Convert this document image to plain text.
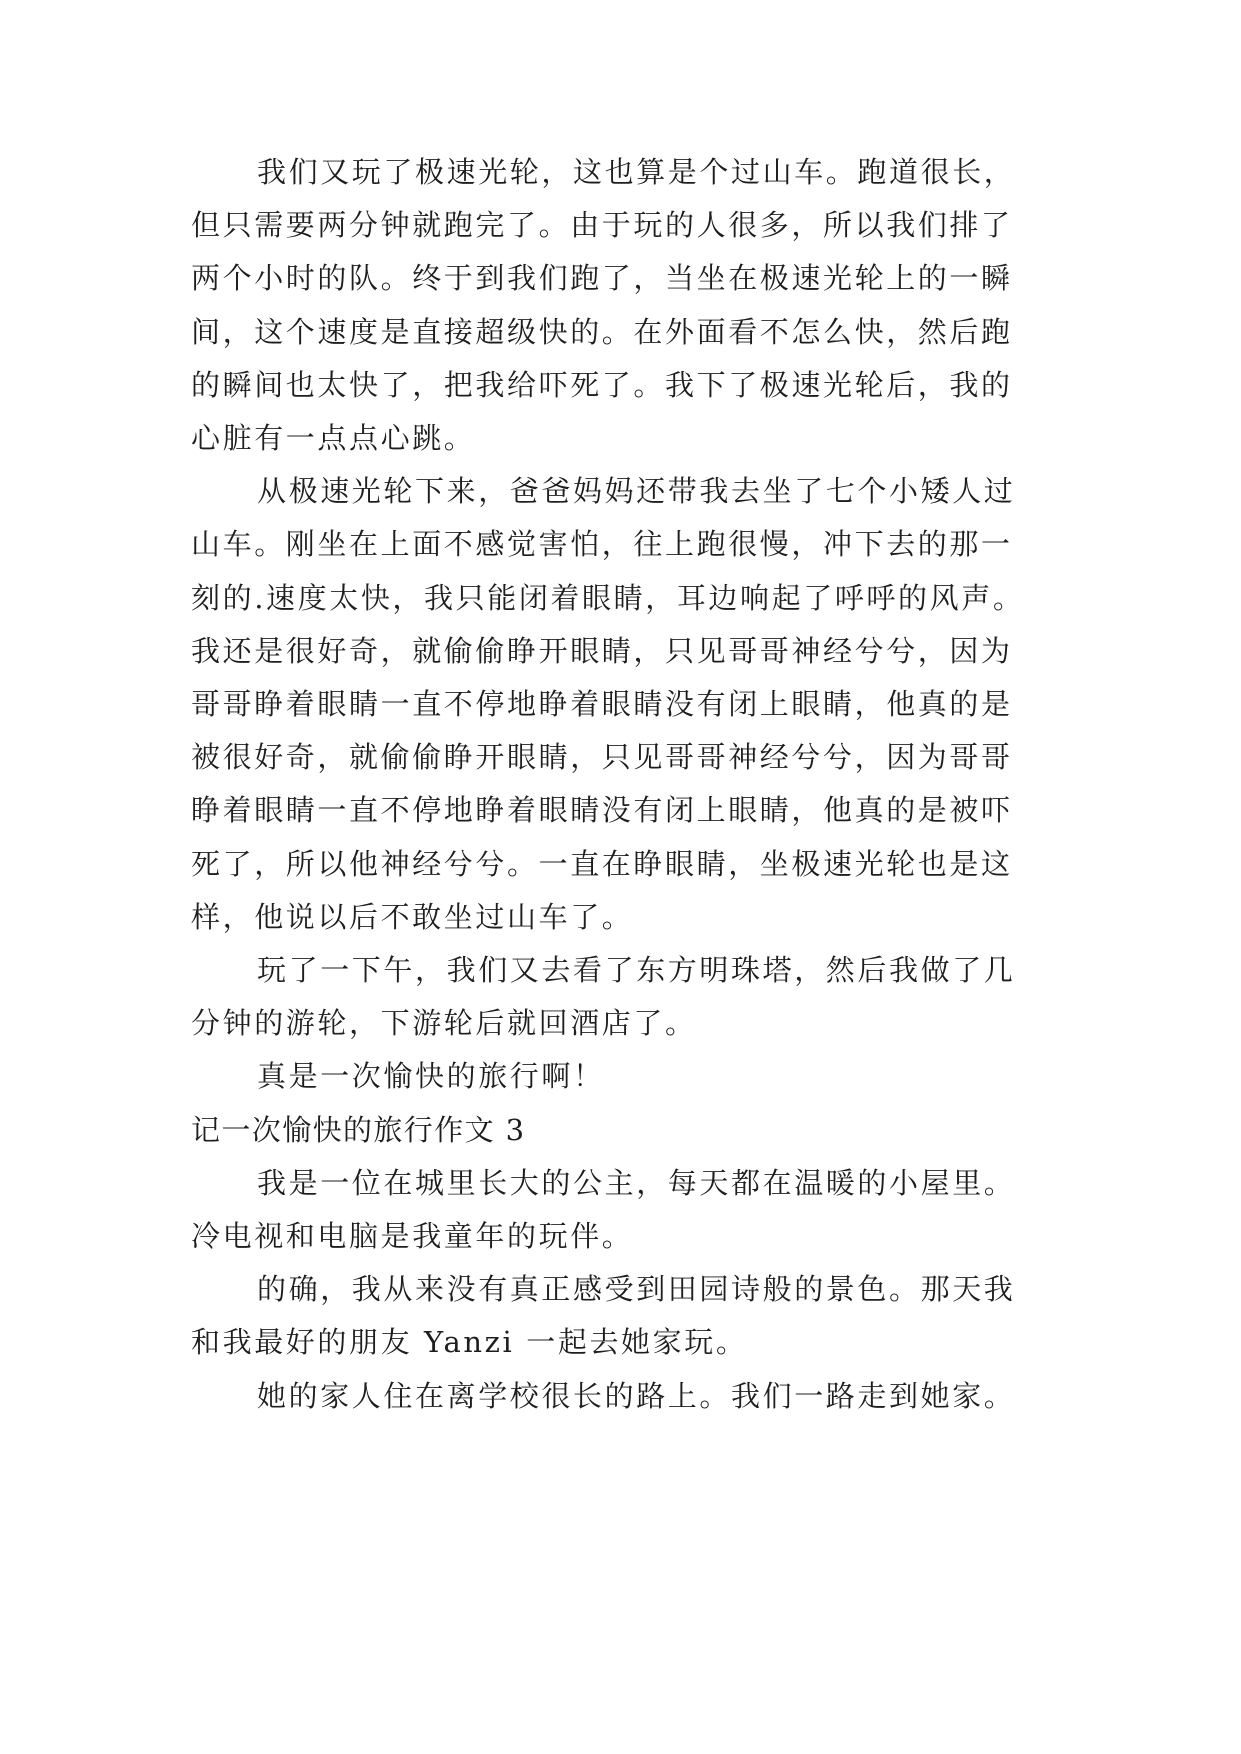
我们又玩了极速光轮，这也算是个过山车。跑道很长，
但只需要两分钟就跑完了。由于玩的人很多，所以我们排了
两个小时的队。终于到我们跑了，当坐在极速光轮上的一瞬
间，这个速度是直接超级快的。在外面看不怎么快，然后跑
的瞬间也太快了，把我给吓死了。我下了极速光轮后，我的
心脏有一点点心跳。
从极速光轮下来，爸爸妈妈还带我去坐了七个小矮人过
山车。刚坐在上面不感觉害怕，往上跑很慢，冲下去的那一
刻的.速度太快，我只能闭着眼睛，耳边响起了呼呼的风声。
我还是很好奇，就偷偷睁开眼睛，只见哥哥神经兮兮，因为
哥哥睁着眼睛一直不停地睁着眼睛没有闭上眼睛，他真的是
被很好奇，就偷偷睁开眼睛，只见哥哥神经兮兮，因为哥哥
睁着眼睛一直不停地睁着眼睛没有闭上眼睛，他真的是被吓
死了，所以他神经兮兮。一直在睁眼睛，坐极速光轮也是这
样，他说以后不敢坐过山车了。
玩了一下午，我们又去看了东方明珠塔，然后我做了几
分钟的游轮，下游轮后就回酒店了。
真是一次愉快的旅行啊！
记一次愉快的旅行作文 3
我是一位在城里长大的公主，每天都在温暖的小屋里。
冷电视和电脑是我童年的玩伴。
的确，我从来没有真正感受到田园诗般的景色。那天我
和我最好的朋友 Yanzi 一起去她家玩。
她的家人住在离学校很长的路上。我们一路走到她家。
